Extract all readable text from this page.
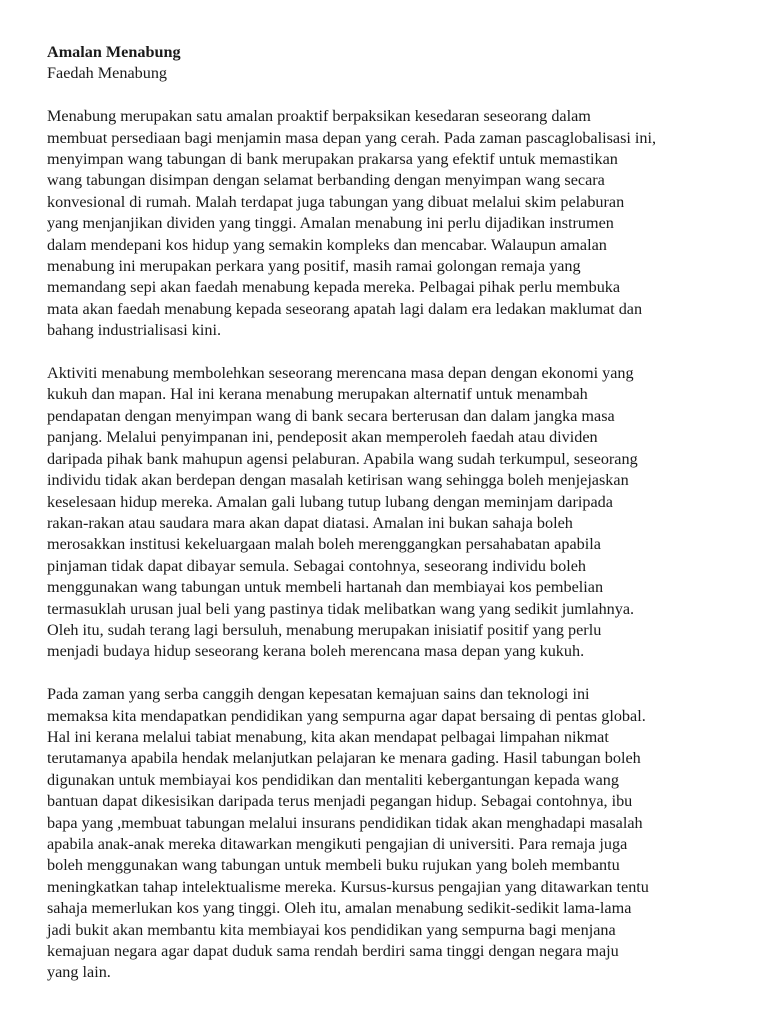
Amalan Menabung
Faedah Menabung
Menabung merupakan satu amalan proaktif berpaksikan kesedaran seseorang dalam
membuat persediaan bagi menjamin masa depan yang cerah. Pada zaman pascaglobalisasi ini,
menyimpan wang tabungan di bank merupakan prakarsa yang efektif untuk memastikan
wang tabungan disimpan dengan selamat berbanding dengan menyimpan wang secara
konvesional di rumah. Malah terdapat juga tabungan yang dibuat melalui skim pelaburan
yang menjanjikan dividen yang tinggi. Amalan menabung ini perlu dijadikan instrumen
dalam mendepani kos hidup yang semakin kompleks dan mencabar. Walaupun amalan
menabung ini merupakan perkara yang positif, masih ramai golongan remaja yang
memandang sepi akan faedah menabung kepada mereka. Pelbagai pihak perlu membuka
mata akan faedah menabung kepada seseorang apatah lagi dalam era ledakan maklumat dan
bahang industrialisasi kini.
Aktiviti menabung membolehkan seseorang merencana masa depan dengan ekonomi yang
kukuh dan mapan. Hal ini kerana menabung merupakan alternatif untuk menambah
pendapatan dengan menyimpan wang di bank secara berterusan dan dalam jangka masa
panjang. Melalui penyimpanan ini, pendeposit akan memperoleh faedah atau dividen
daripada pihak bank mahupun agensi pelaburan. Apabila wang sudah terkumpul, seseorang
individu tidak akan berdepan dengan masalah ketirisan wang sehingga boleh menjejaskan
keselesaan hidup mereka. Amalan gali lubang tutup lubang dengan meminjam daripada
rakan-rakan atau saudara mara akan dapat diatasi. Amalan ini bukan sahaja boleh
merosakkan institusi kekeluargaan malah boleh merenggangkan persahabatan apabila
pinjaman tidak dapat dibayar semula. Sebagai contohnya, seseorang individu boleh
menggunakan wang tabungan untuk membeli hartanah dan membiayai kos pembelian
termasuklah urusan jual beli yang pastinya tidak melibatkan wang yang sedikit jumlahnya.
Oleh itu, sudah terang lagi bersuluh, menabung merupakan inisiatif positif yang perlu
menjadi budaya hidup seseorang kerana boleh merencana masa depan yang kukuh.
Pada zaman yang serba canggih dengan kepesatan kemajuan sains dan teknologi ini
memaksa kita mendapatkan pendidikan yang sempurna agar dapat bersaing di pentas global.
Hal ini kerana melalui tabiat menabung, kita akan mendapat pelbagai limpahan nikmat
terutamanya apabila hendak melanjutkan pelajaran ke menara gading. Hasil tabungan boleh
digunakan untuk membiayai kos pendidikan dan mentaliti kebergantungan kepada wang
bantuan dapat dikesisikan daripada terus menjadi pegangan hidup. Sebagai contohnya, ibu
bapa yang ,membuat tabungan melalui insurans pendidikan tidak akan menghadapi masalah
apabila anak-anak mereka ditawarkan mengikuti pengajian di universiti. Para remaja juga
boleh menggunakan wang tabungan untuk membeli buku rujukan yang boleh membantu
meningkatkan tahap intelektualisme mereka. Kursus-kursus pengajian yang ditawarkan tentu
sahaja memerlukan kos yang tinggi. Oleh itu, amalan menabung sedikit-sedikit lama-lama
jadi bukit akan membantu kita membiayai kos pendidikan yang sempurna bagi menjana
kemajuan negara agar dapat duduk sama rendah berdiri sama tinggi dengan negara maju
yang lain.
